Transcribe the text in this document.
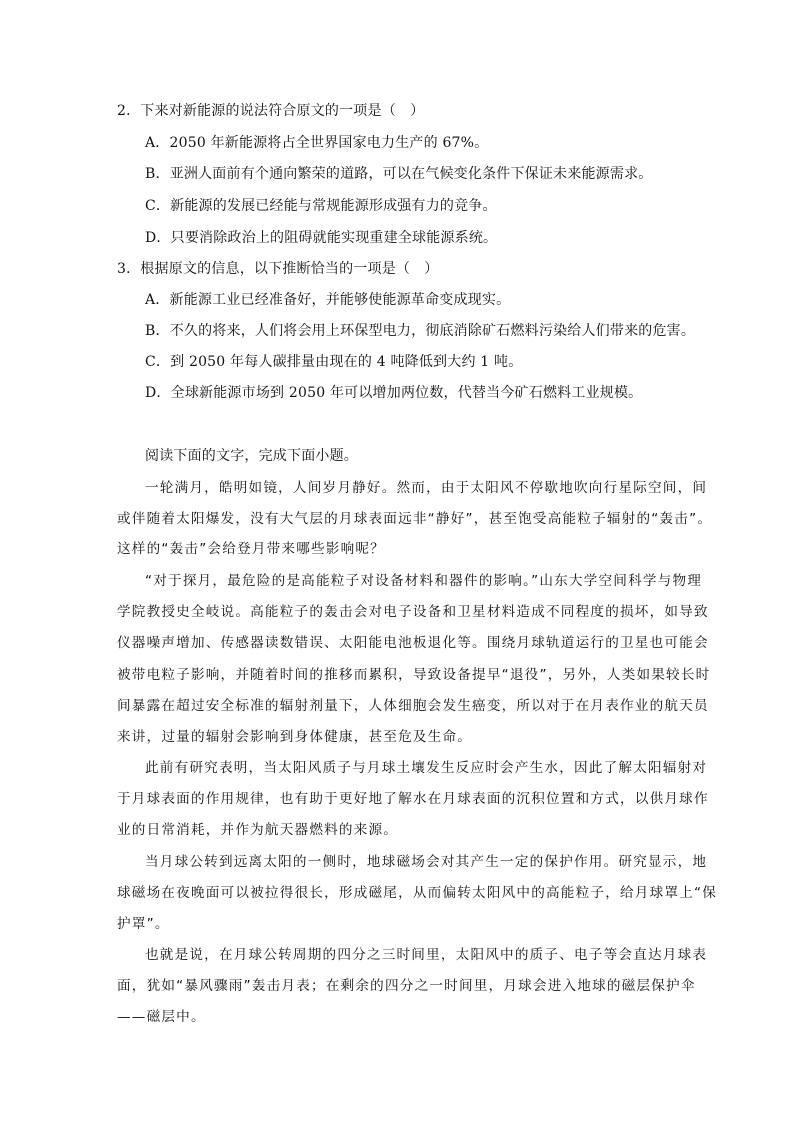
2．下来对新能源的说法符合原文的一项是（　）
A．2050 年新能源将占全世界国家电力生产的 67%。
B．亚洲人面前有个通向繁荣的道路，可以在气候变化条件下保证未来能源需求。
C．新能源的发展已经能与常规能源形成强有力的竞争。
D．只要消除政治上的阻碍就能实现重建全球能源系统。
3．根据原文的信息，以下推断恰当的一项是（　）
A．新能源工业已经准备好，并能够使能源革命变成现实。
B．不久的将来，人们将会用上环保型电力，彻底消除矿石燃料污染给人们带来的危害。
C．到 2050 年每人碳排量由现在的 4 吨降低到大约 1 吨。
D．全球新能源市场到 2050 年可以增加两位数，代替当今矿石燃料工业规模。
阅读下面的文字，完成下面小题。
一轮满月，皓明如镜，人间岁月静好。然而，由于太阳风不停歇地吹向行星际空间，间
或伴随着太阳爆发，没有大气层的月球表面远非“静好”，甚至饱受高能粒子辐射的“轰击”。
这样的“轰击”会给登月带来哪些影响呢？
“对于探月，最危险的是高能粒子对设备材料和器件的影响。”山东大学空间科学与物理
学院教授史全岐说。高能粒子的轰击会对电子设备和卫星材料造成不同程度的损坏，如导致
仪器噪声增加、传感器读数错误、太阳能电池板退化等。围绕月球轨道运行的卫星也可能会
被带电粒子影响，并随着时间的推移而累积，导致设备提早“退役”，另外，人类如果较长时
间暴露在超过安全标准的辐射剂量下，人体细胞会发生癌变，所以对于在月表作业的航天员
来讲，过量的辐射会影响到身体健康，甚至危及生命。
此前有研究表明，当太阳风质子与月球土壤发生反应时会产生水，因此了解太阳辐射对
于月球表面的作用规律，也有助于更好地了解水在月球表面的沉积位置和方式，以供月球作
业的日常消耗，并作为航天器燃料的来源。
当月球公转到远离太阳的一侧时，地球磁场会对其产生一定的保护作用。研究显示，地
球磁场在夜晚面可以被拉得很长，形成磁尾，从而偏转太阳风中的高能粒子，给月球罩上“保
护罩”。
也就是说，在月球公转周期的四分之三时间里，太阳风中的质子、电子等会直达月球表
面，犹如“暴风骤雨”轰击月表；在剩余的四分之一时间里，月球会进入地球的磁层保护伞
——磁层中。
